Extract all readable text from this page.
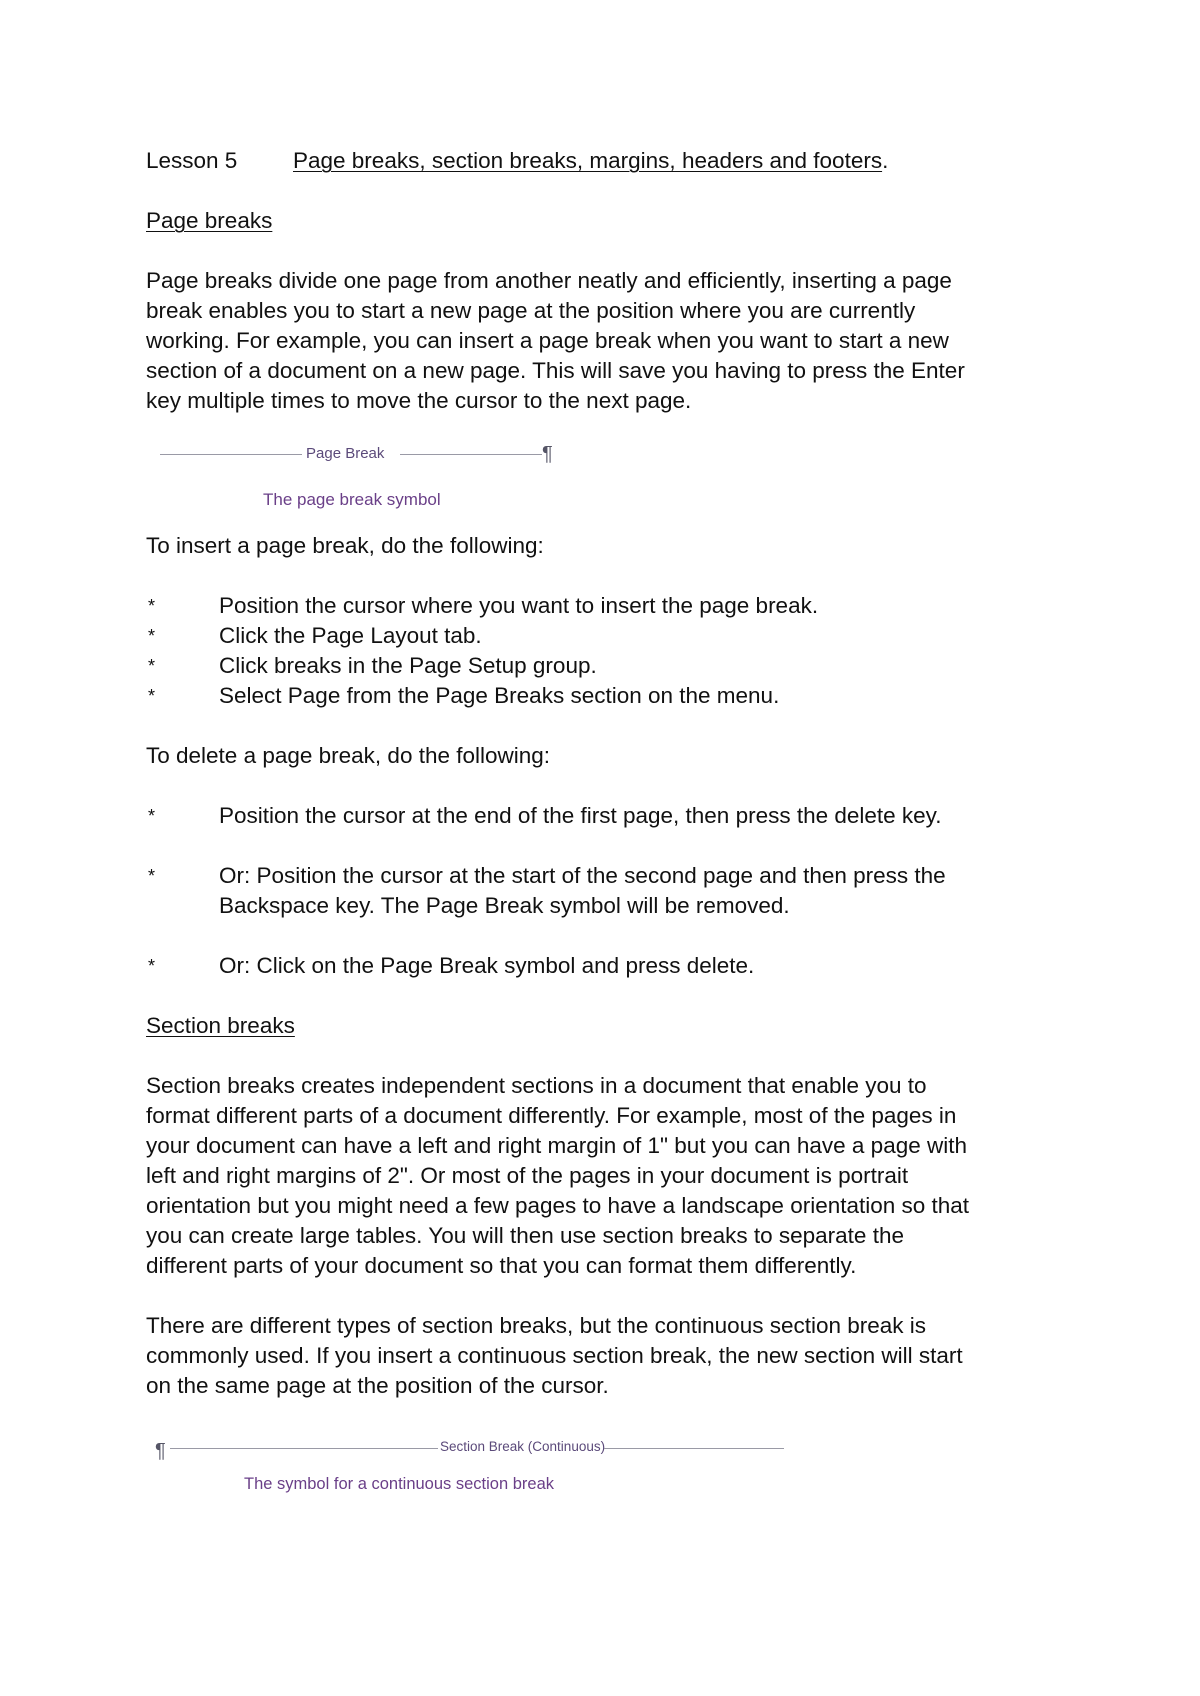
Lesson 5 Page breaks, section breaks, margins, headers and footers.
Page breaks
Page breaks divide one page from another neatly and efficiently, inserting a page
break enables you to start a new page at the position where you are currently
working. For example, you can insert a page break when you want to start a new
section of a document on a new page. This will save you having to press the Enter
key multiple times to move the cursor to the next page.
Page Break	¶
The page break symbol
To insert a page break, do the following:
*	Position the cursor where you want to insert the page break.
*	Click the Page Layout tab.
*	Click breaks in the Page Setup group.
*	Select Page from the Page Breaks section on the menu.
To delete a page break, do the following:
*	Position the cursor at the end of the first page, then press the delete key.
*	Or: Position the cursor at the start of the second page and then press the
Backspace key. The Page Break symbol will be removed.
*	Or: Click on the Page Break symbol and press delete.
Section breaks
Section breaks creates independent sections in a document that enable you to
format different parts of a document differently. For example, most of the pages in
your document can have a left and right margin of 1" but you can have a page with
left and right margins of 2". Or most of the pages in your document is portrait
orientation but you might need a few pages to have a landscape orientation so that
you can create large tables. You will then use section breaks to separate the
different parts of your document so that you can format them differently.
There are different types of section breaks, but the continuous section break is
commonly used. If you insert a continuous section break, the new section will start
on the same page at the position of the cursor.
¶	Section Break (Continuous)
The symbol for a continuous section break
